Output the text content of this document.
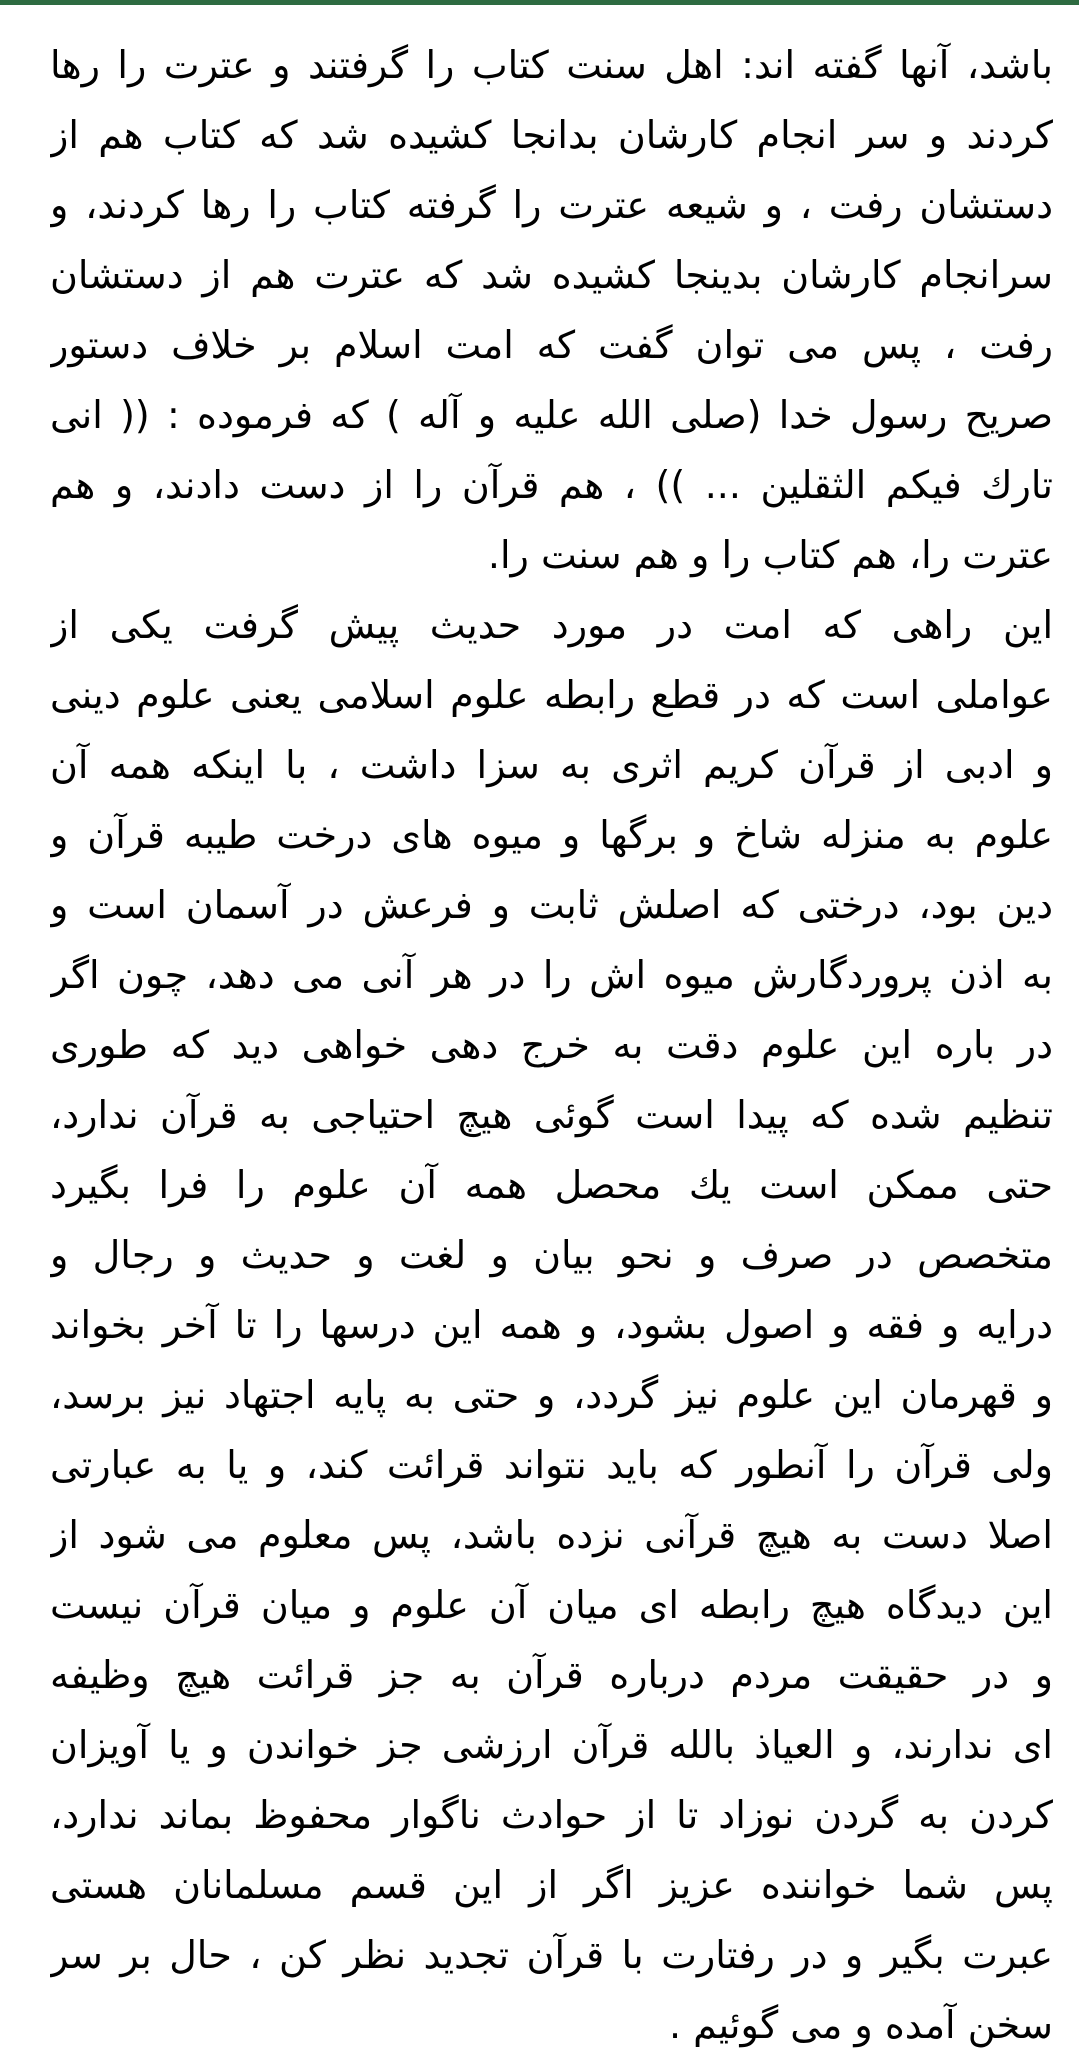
باشد، آنها گفته اند: اهل سنت کتاب را گرفتند و عترت را رها
کردند و سر انجام کارشان بدانجا کشیده شد که کتاب هم از
دستشان رفت ، و شیعه عترت را گرفته کتاب را رها کردند، و
سرانجام کارشان بدینجا کشیده شد که عترت هم از دستشان
رفت ، پس می توان گفت که امت اسلام بر خلاف دستور
صریح رسول خدا (صلی الله علیه و آله ) که فرموده : (( انی
تارك فیكم الثقلین ... )) ، هم قرآن را از دست دادند، و هم
عترت را، هم کتاب را و هم سنت را.
این راهی که امت در مورد حدیث پیش گرفت یکی از
عواملی است که در قطع رابطه علوم اسلامی یعنی علوم دینی
و ادبی از قرآن کریم اثری به سزا داشت ، با اینکه همه آن
علوم به منزله شاخ و برگها و میوه های درخت طیبه قرآن و
دین بود، درختی که اصلش ثابت و فرعش در آسمان است و
به اذن پروردگارش میوه اش را در هر آنی می دهد، چون اگر
در باره این علوم دقت به خرج دهی خواهی دید که طوری
تنظیم شده که پیدا است گوئی هیچ احتیاجی به قرآن ندارد،
حتی ممکن است یك محصل همه آن علوم را فرا بگیرد
متخصص در صرف و نحو بیان و لغت و حدیث و رجال و
درایه و فقه و اصول بشود، و همه این درسها را تا آخر بخواند
و قهرمان این علوم نیز گردد، و حتی به پایه اجتهاد نیز برسد،
ولی قرآن را آنطور که باید نتواند قرائت کند، و یا به عبارتی
اصلا دست به هیچ قرآنی نزده باشد، پس معلوم می شود از
این دیدگاه هیچ رابطه ای میان آن علوم و میان قرآن نیست
و در حقیقت مردم درباره قرآن به جز قرائت هیچ وظیفه
ای ندارند، و العیاذ بالله قرآن ارزشی جز خواندن و یا آویزان
کردن به گردن نوزاد تا از حوادث ناگوار محفوظ بماند ندارد،
پس شما خواننده عزیز اگر از این قسم مسلمانان هستی
عبرت بگیر و در رفتارت با قرآن تجدید نظر کن ، حال بر سر
سخن آمده و می گوئیم .
